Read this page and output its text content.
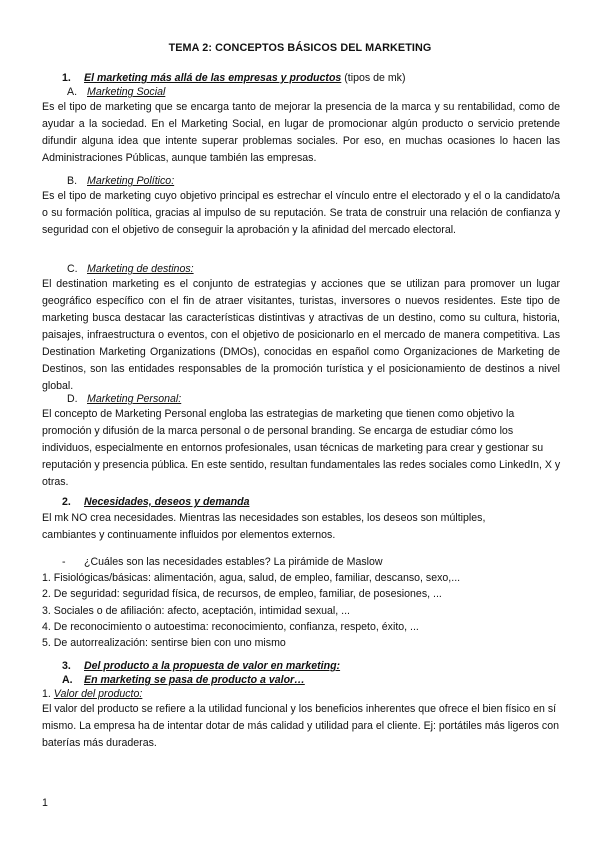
TEMA 2: CONCEPTOS BÁSICOS DEL MARKETING
1. El marketing más allá de las empresas y productos (tipos de mk)
A. Marketing Social
Es el tipo de marketing que se encarga tanto de mejorar la presencia de la marca y su rentabilidad, como de ayudar a la sociedad. En el Marketing Social, en lugar de promocionar algún producto o servicio pretende difundir alguna idea que intente superar problemas sociales. Por eso, en muchas ocasiones lo hacen las Administraciones Públicas, aunque también las empresas.
B. Marketing Político:
Es el tipo de marketing cuyo objetivo principal es estrechar el vínculo entre el electorado y el o la candidato/a o su formación política, gracias al impulso de su reputación. Se trata de construir una relación de confianza y seguridad con el objetivo de conseguir la aprobación y la afinidad del mercado electoral.
C. Marketing de destinos:
El destination marketing es el conjunto de estrategias y acciones que se utilizan para promover un lugar geográfico específico con el fin de atraer visitantes, turistas, inversores o nuevos residentes. Este tipo de marketing busca destacar las características distintivas y atractivas de un destino, como su cultura, historia, paisajes, infraestructura o eventos, con el objetivo de posicionarlo en el mercado de manera competitiva. Las Destination Marketing Organizations (DMOs), conocidas en español como Organizaciones de Marketing de Destinos, son las entidades responsables de la promoción turística y el posicionamiento de destinos a nivel global.
D. Marketing Personal:
El concepto de Marketing Personal engloba las estrategias de marketing que tienen como objetivo la promoción y difusión de la marca personal o de personal branding. Se encarga de estudiar cómo los individuos, especialmente en entornos profesionales, usan técnicas de marketing para crear y gestionar su reputación y presencia pública. En este sentido, resultan fundamentales las redes sociales como LinkedIn, X y otras.
2. Necesidades, deseos y demanda
El mk NO crea necesidades. Mientras las necesidades son estables, los deseos son múltiples, cambiantes y continuamente influidos por elementos externos.
- ¿Cuáles son las necesidades estables? La pirámide de Maslow
1. Fisiológicas/básicas: alimentación, agua, salud, de empleo, familiar, descanso, sexo,...
2. De seguridad: seguridad física, de recursos, de empleo, familiar, de posesiones, ...
3. Sociales o de afiliación: afecto, aceptación, intimidad sexual, ...
4. De reconocimiento o autoestima: reconocimiento, confianza, respeto, éxito, ...
5. De autorrealización: sentirse bien con uno mismo
3. Del producto a la propuesta de valor en marketing:
A. En marketing se pasa de producto a valor…
1. Valor del producto:
El valor del producto se refiere a la utilidad funcional y los beneficios inherentes que ofrece el bien físico en sí mismo. La empresa ha de intentar dotar de más calidad y utilidad para el cliente. Ej: portátiles más ligeros con baterías más duraderas.
1
